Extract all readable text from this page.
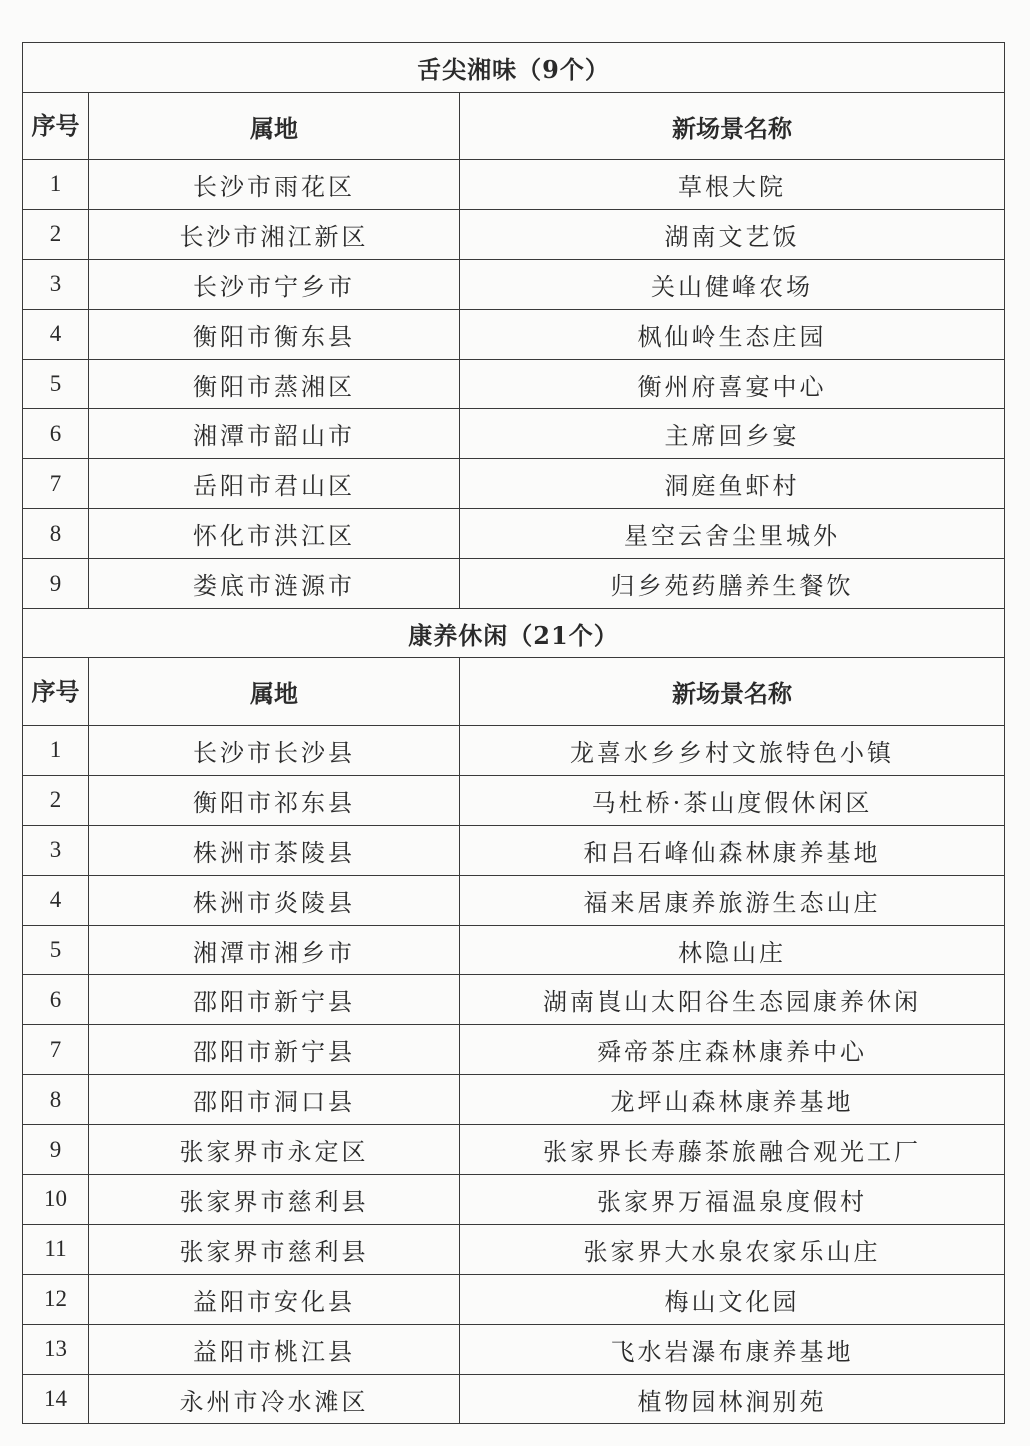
舌尖湘味（9个）		
序号	属地	新场景名称
1	长沙市雨花区	草根大院
2	长沙市湘江新区	湖南文艺饭
3	长沙市宁乡市	关山健峰农场
4	衡阳市衡东县	枫仙岭生态庄园
5	衡阳市蒸湘区	衡州府喜宴中心
6	湘潭市韶山市	主席回乡宴
7	岳阳市君山区	洞庭鱼虾村
8	怀化市洪江区	星空云舍尘里城外
9	娄底市涟源市	归乡苑药膳养生餐饮
康养休闲（21个）		
序号	属地	新场景名称
1	长沙市长沙县	龙喜水乡乡村文旅特色小镇
2	衡阳市祁东县	马杜桥·茶山度假休闲区
3	株洲市茶陵县	和吕石峰仙森林康养基地
4	株洲市炎陵县	福来居康养旅游生态山庄
5	湘潭市湘乡市	林隐山庄
6	邵阳市新宁县	湖南崀山太阳谷生态园康养休闲
7	邵阳市新宁县	舜帝茶庄森林康养中心
8	邵阳市洞口县	龙坪山森林康养基地
9	张家界市永定区	张家界长寿藤茶旅融合观光工厂
10	张家界市慈利县	张家界万福温泉度假村
11	张家界市慈利县	张家界大水泉农家乐山庄
12	益阳市安化县	梅山文化园
13	益阳市桃江县	飞水岩瀑布康养基地
14	永州市冷水滩区	植物园林涧别苑
